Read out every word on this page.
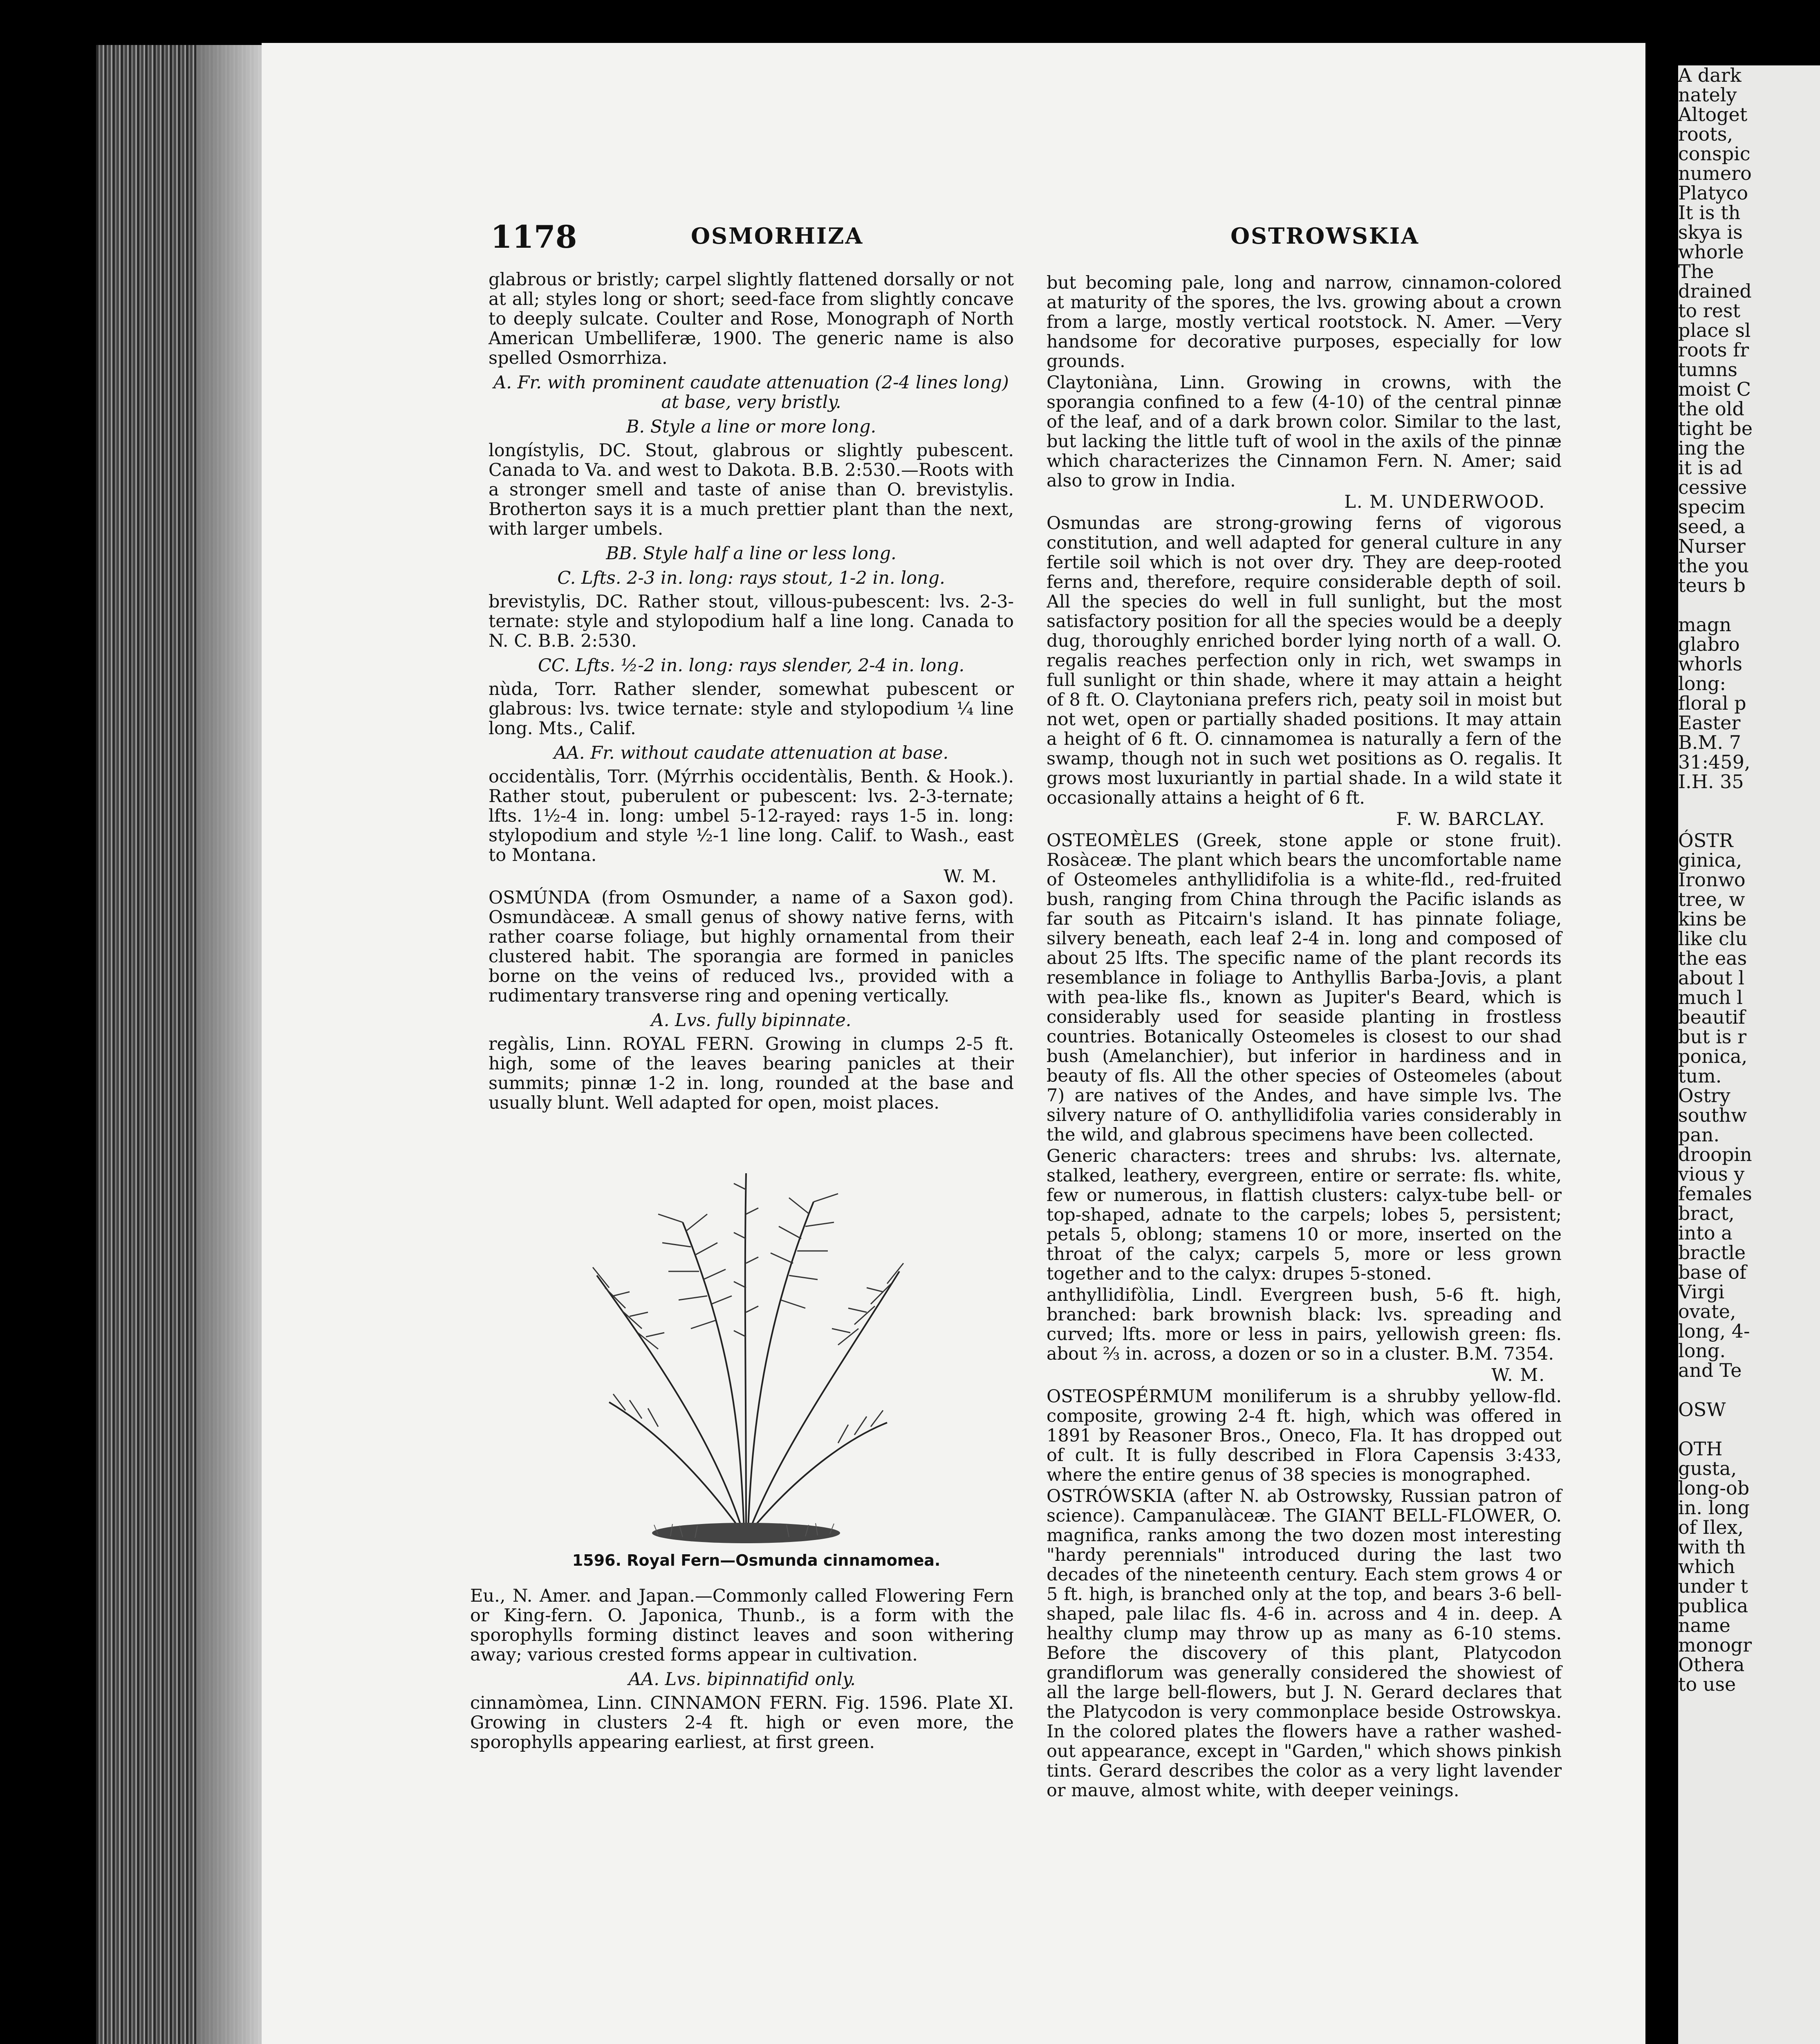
1178	OSMORHIZA	OSTROWSKIA

glabrous or bristly; carpel slightly flattened dorsally or not at all; styles long or short; seed-face from slightly concave to deeply sulcate. Coulter and Rose, Monograph of North American Umbelliferæ, 1900. The generic name is also spelled Osmorrhiza.

A. Fr. with prominent caudate attenuation (2-4 lines long) at base, very bristly.

B. Style a line or more long.

longístylis, DC. Stout, glabrous or slightly pubescent. Canada to Va. and west to Dakota. B.B. 2:530.—Roots with a stronger smell and taste of anise than O. brevistylis. Brotherton says it is a much prettier plant than the next, with larger umbels.

BB. Style half a line or less long.

C. Lfts. 2-3 in. long: rays stout, 1-2 in. long.

brevistylis, DC. Rather stout, villous-pubescent: lvs. 2-3-ternate: style and stylopodium half a line long. Canada to N. C. B.B. 2:530.

CC. Lfts. ½-2 in. long: rays slender, 2-4 in. long.

nùda, Torr. Rather slender, somewhat pubescent or glabrous: lvs. twice ternate: style and stylopodium ¼ line long. Mts., Calif.

AA. Fr. without caudate attenuation at base.

occidentàlis, Torr. (Mýrrhis occidentàlis, Benth. & Hook.). Rather stout, puberulent or pubescent: lvs. 2-3-ternate; lfts. 1½-4 in. long: umbel 5-12-rayed: rays 1-5 in. long: stylopodium and style ½-1 line long. Calif. to Wash., east to Montana.

W. M.

OSMÚNDA (from Osmunder, a name of a Saxon god). Osmundàceæ. A small genus of showy native ferns, with rather coarse foliage, but highly ornamental from their clustered habit. The sporangia are formed in panicles borne on the veins of reduced lvs., provided with a rudimentary transverse ring and opening vertically.

A. Lvs. fully bipinnate.

regàlis, Linn. ROYAL FERN. Growing in clumps 2-5 ft. high, some of the leaves bearing panicles at their summits; pinnæ 1-2 in. long, rounded at the base and usually blunt. Well adapted for open, moist places.

1596. Royal Fern—Osmunda cinnamomea.

Eu., N. Amer. and Japan.—Commonly called Flowering Fern or King-fern. O. Japonica, Thunb., is a form with the sporophylls forming distinct leaves and soon withering away; various crested forms appear in cultivation.

AA. Lvs. bipinnatifid only.

cinnamòmea, Linn. CINNAMON FERN. Fig. 1596. Plate XI. Growing in clusters 2-4 ft. high or even more, the sporophylls appearing earliest, at first green.

but becoming pale, long and narrow, cinnamon-colored at maturity of the spores, the lvs. growing about a crown from a large, mostly vertical rootstock. N. Amer. —Very handsome for decorative purposes, especially for low grounds.

Claytoniàna, Linn. Growing in crowns, with the sporangia confined to a few (4-10) of the central pinnæ of the leaf, and of a dark brown color. Similar to the last, but lacking the little tuft of wool in the axils of the pinnæ which characterizes the Cinnamon Fern. N. Amer; said also to grow in India.

L. M. UNDERWOOD.

Osmundas are strong-growing ferns of vigorous constitution, and well adapted for general culture in any fertile soil which is not over dry. They are deep-rooted ferns and, therefore, require considerable depth of soil. All the species do well in full sunlight, but the most satisfactory position for all the species would be a deeply dug, thoroughly enriched border lying north of a wall. O. regalis reaches perfection only in rich, wet swamps in full sunlight or thin shade, where it may attain a height of 8 ft. O. Claytoniana prefers rich, peaty soil in moist but not wet, open or partially shaded positions. It may attain a height of 6 ft. O. cinnamomea is naturally a fern of the swamp, though not in such wet positions as O. regalis. It grows most luxuriantly in partial shade. In a wild state it occasionally attains a height of 6 ft.

F. W. BARCLAY.

OSTEOMÈLES (Greek, stone apple or stone fruit). Rosàceæ. The plant which bears the uncomfortable name of Osteomeles anthyllidifolia is a white-fld., red-fruited bush, ranging from China through the Pacific islands as far south as Pitcairn's island. It has pinnate foliage, silvery beneath, each leaf 2-4 in. long and composed of about 25 lfts. The specific name of the plant records its resemblance in foliage to Anthyllis Barba-Jovis, a plant with pea-like fls., known as Jupiter's Beard, which is considerably used for seaside planting in frostless countries. Botanically Osteomeles is closest to our shad bush (Amelanchier), but inferior in hardiness and in beauty of fls. All the other species of Osteomeles (about 7) are natives of the Andes, and have simple lvs. The silvery nature of O. anthyllidifolia varies considerably in the wild, and glabrous specimens have been collected.

Generic characters: trees and shrubs: lvs. alternate, stalked, leathery, evergreen, entire or serrate: fls. white, few or numerous, in flattish clusters: calyx-tube bell- or top-shaped, adnate to the carpels; lobes 5, persistent; petals 5, oblong; stamens 10 or more, inserted on the throat of the calyx; carpels 5, more or less grown together and to the calyx: drupes 5-stoned.

anthyllidifòlia, Lindl. Evergreen bush, 5-6 ft. high, branched: bark brownish black: lvs. spreading and curved; lfts. more or less in pairs, yellowish green: fls. about ⅔ in. across, a dozen or so in a cluster. B.M. 7354.

W. M.

OSTEOSPÉRMUM moniliferum is a shrubby yellow-fld. composite, growing 2-4 ft. high, which was offered in 1891 by Reasoner Bros., Oneco, Fla. It has dropped out of cult. It is fully described in Flora Capensis 3:433, where the entire genus of 38 species is monographed.

OSTRÓWSKIA (after N. ab Ostrowsky, Russian patron of science). Campanulàceæ. The GIANT BELL-FLOWER, O. magnifica, ranks among the two dozen most interesting "hardy perennials" introduced during the last two decades of the nineteenth century. Each stem grows 4 or 5 ft. high, is branched only at the top, and bears 3-6 bell-shaped, pale lilac fls. 4-6 in. across and 4 in. deep. A healthy clump may throw up as many as 6-10 stems. Before the discovery of this plant, Platycodon grandiflorum was generally considered the showiest of all the large bell-flowers, but J. N. Gerard declares that the Platycodon is very commonplace beside Ostrowskya. In the colored plates the flowers have a rather washed-out appearance, except in "Garden," which shows pinkish tints. Gerard describes the color as a very light lavender or mauve, almost white, with deeper veinings.

A dark

nately

Altoget

roots,

conspic

numero

Platyco

It is th

skya is

whorle

The

drained

to rest

place sl

roots fr

tumns

moist C

the old

tight be

ing the

it is ad

cessive

specim

seed, a

Nurser

the you

teurs b

magn

glabro

whorls

long:

floral p

Easter

B.M. 7

31:459,

I.H. 35

ÓSTR

ginica,

Ironwo

tree, w

kins be

like clu

the eas

about l

much l

beautif

but is r

ponica,

tum.

Ostry

southw

pan.

droopin

vious y

females

bract,

into a

bractle

base of

Virgi

ovate,

long, 4-

long.

and Te

OSW

OTH

gusta,

long-ob

in. long

of Ilex,

with th

which

under t

publica

name

monogr

Othera

to use
